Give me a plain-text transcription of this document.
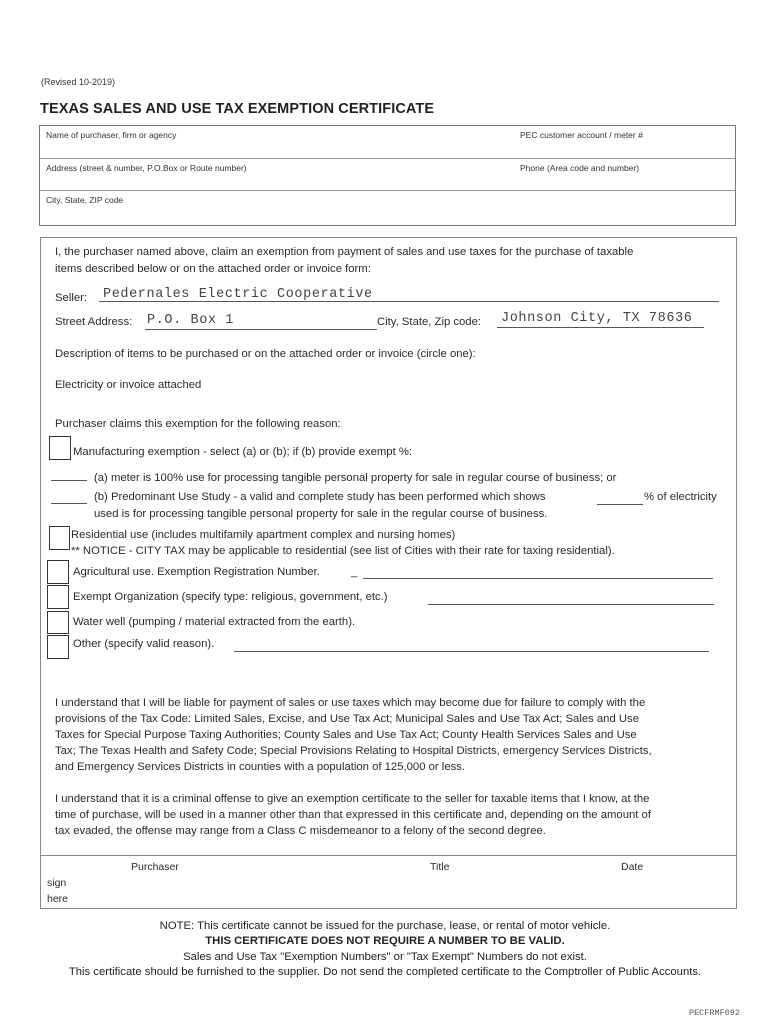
(Revised 10-2019)
TEXAS SALES AND USE TAX EXEMPTION CERTIFICATE
Name of purchaser, firm or agency	PEC customer account / meter #
Address (street & number, P.O.Box or Route number)	Phone (Area code and number)
City, State, ZIP code
I, the purchaser named above, claim an exemption from payment of sales and use taxes for the purchase of taxable
items described below or on the attached order or invoice form:
Seller: Pedernales Electric Cooperative
Street Address: P.O. Box 1	City, State, Zip code: Johnson City, TX 78636
Description of items to be purchased or on the attached order or invoice (circle one):
Electricity or invoice attached
Purchaser claims this exemption for the following reason:
Manufacturing exemption - select (a) or (b); if (b) provide exempt %:
(a) meter is 100% use for processing tangible personal property for sale in regular course of business; or
(b) Predominant Use Study - a valid and complete study has been performed which shows	% of electricity
used is for processing tangible personal property for sale in the regular course of business.
Residential use (includes multifamily apartment complex and nursing homes)
** NOTICE - CITY TAX may be applicable to residential (see list of Cities with their rate for taxing residential).
Agricultural use. Exemption Registration Number.	_
Exempt Organization (specify type: religious, government, etc.)
Water well (pumping / material extracted from the earth).
Other (specify valid reason).
I understand that I will be liable for payment of sales or use taxes which may become due for failure to comply with the
provisions of the Tax Code: Limited Sales, Excise, and Use Tax Act; Municipal Sales and Use Tax Act; Sales and Use
Taxes for Special Purpose Taxing Authorities; County Sales and Use Tax Act; County Health Services Sales and Use
Tax; The Texas Health and Safety Code; Special Provisions Relating to Hospital Districts, emergency Services Districts,
and Emergency Services Districts in counties with a population of 125,000 or less.
I understand that it is a criminal offense to give an exemption certificate to the seller for taxable items that I know, at the
time of purchase, will be used in a manner other than that expressed in this certificate and, depending on the amount of
tax evaded, the offense may range from a Class C misdemeanor to a felony of the second degree.
Purchaser	Title	Date
sign
here
NOTE: This certificate cannot be issued for the purchase, lease, or rental of motor vehicle.
THIS CERTIFICATE DOES NOT REQUIRE A NUMBER TO BE VALID.
Sales and Use Tax "Exemption Numbers" or "Tax Exempt" Numbers do not exist.
This certificate should be furnished to the supplier. Do not send the completed certificate to the Comptroller of Public Accounts.
PECFRMF092
